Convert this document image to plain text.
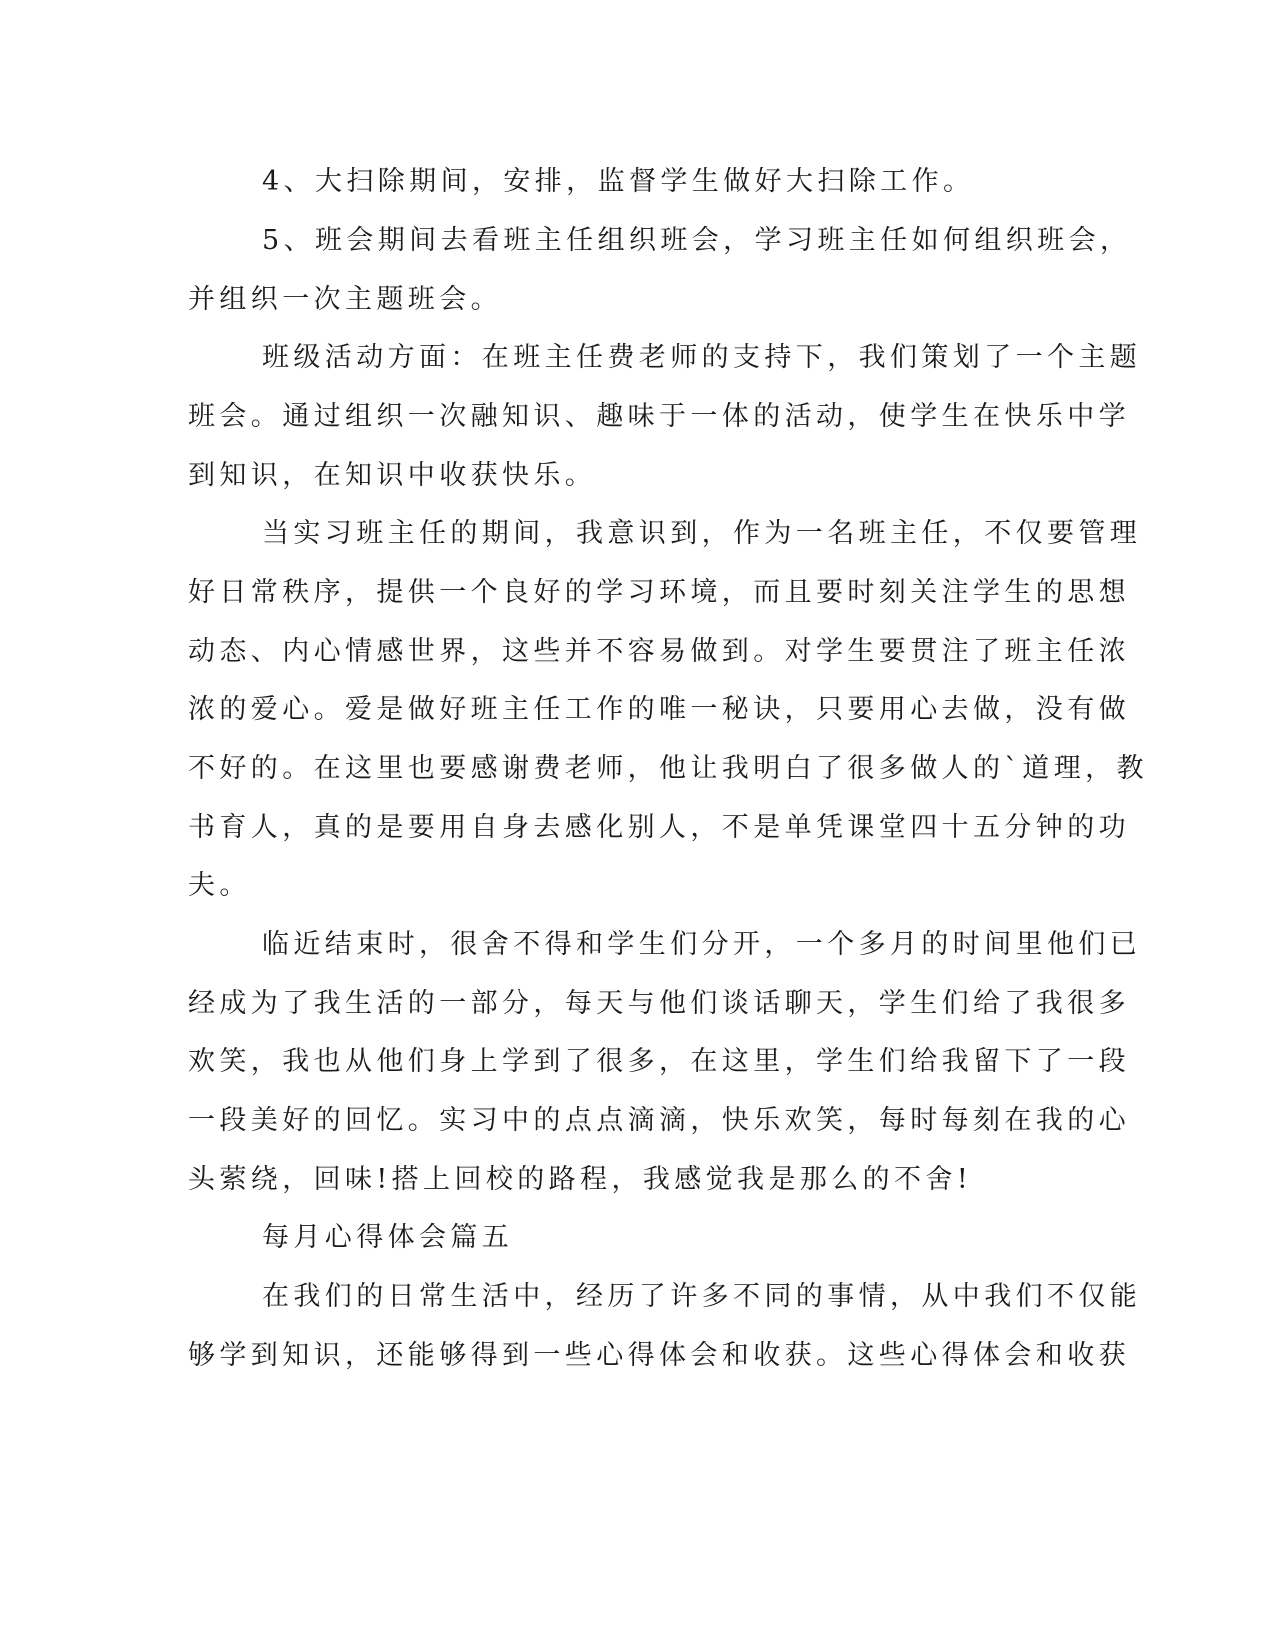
4、大扫除期间，安排，监督学生做好大扫除工作。
5、班会期间去看班主任组织班会，学习班主任如何组织班会，
并组织一次主题班会。
班级活动方面：在班主任费老师的支持下，我们策划了一个主题
班会。通过组织一次融知识、趣味于一体的活动，使学生在快乐中学
到知识，在知识中收获快乐。
当实习班主任的期间，我意识到，作为一名班主任，不仅要管理
好日常秩序，提供一个良好的学习环境，而且要时刻关注学生的思想
动态、内心情感世界，这些并不容易做到。对学生要贯注了班主任浓
浓的爱心。爱是做好班主任工作的唯一秘诀，只要用心去做，没有做
不好的。在这里也要感谢费老师，他让我明白了很多做人的`道理，教
书育人，真的是要用自身去感化别人，不是单凭课堂四十五分钟的功
夫。
临近结束时，很舍不得和学生们分开，一个多月的时间里他们已
经成为了我生活的一部分，每天与他们谈话聊天，学生们给了我很多
欢笑，我也从他们身上学到了很多，在这里，学生们给我留下了一段
一段美好的回忆。实习中的点点滴滴，快乐欢笑，每时每刻在我的心
头萦绕，回味!搭上回校的路程，我感觉我是那么的不舍!
每月心得体会篇五
在我们的日常生活中，经历了许多不同的事情，从中我们不仅能
够学到知识，还能够得到一些心得体会和收获。这些心得体会和收获
